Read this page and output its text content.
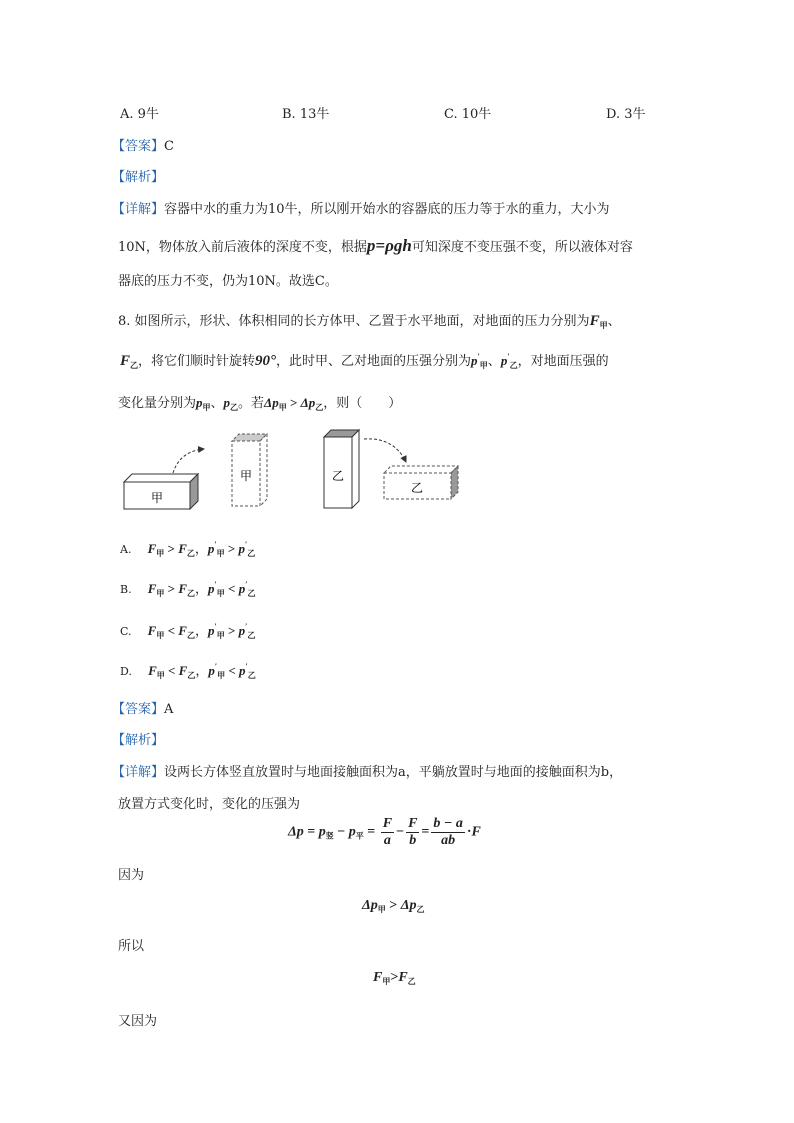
A. 9牛	B. 13牛	C. 10牛	D. 3牛
【答案】C
【解析】
【详解】容器中水的重力为10牛，所以刚开始水的容器底的压力等于水的重力，大小为
10N，物体放入前后液体的深度不变，根据p=ρgh可知深度不变压强不变，所以液体对容
器底的压力不变，仍为10N。故选C。
8. 如图所示，形状、体积相同的长方体甲、乙置于水平地面，对地面的压力分别为$F_甲$、
$F_乙$，将它们顺时针旋转90°，此时甲、乙对地面的压强分别为$p'_甲$、$p'_乙$，对地面压强的
变化量分别为$p_甲$、$p_乙$。若$\Delta p_甲 > \Delta p_乙$，则（　　）
甲
甲	乙
乙
A. $F_甲 > F_乙$，$p'_甲 > p'_乙$
B. $F_甲 > F_乙$，$p'_甲 < p'_乙$
C. $F_甲 < F_乙$，$p'_甲 > p'_乙$
D. $F_甲 < F_乙$，$p'_甲 < p'_乙$
【答案】A
【解析】
【详解】设两长方体竖直放置时与地面接触面积为a，平躺放置时与地面的接触面积为b，
放置方式变化时，变化的压强为
$\Delta p = p_竖 - p_平 = \frac{F}{a} - \frac{F}{b} = \frac{b - a}{ab} \cdot F$
因为
$\Delta p_甲 > \Delta p_乙$
所以
$F_甲>F_乙$
又因为
